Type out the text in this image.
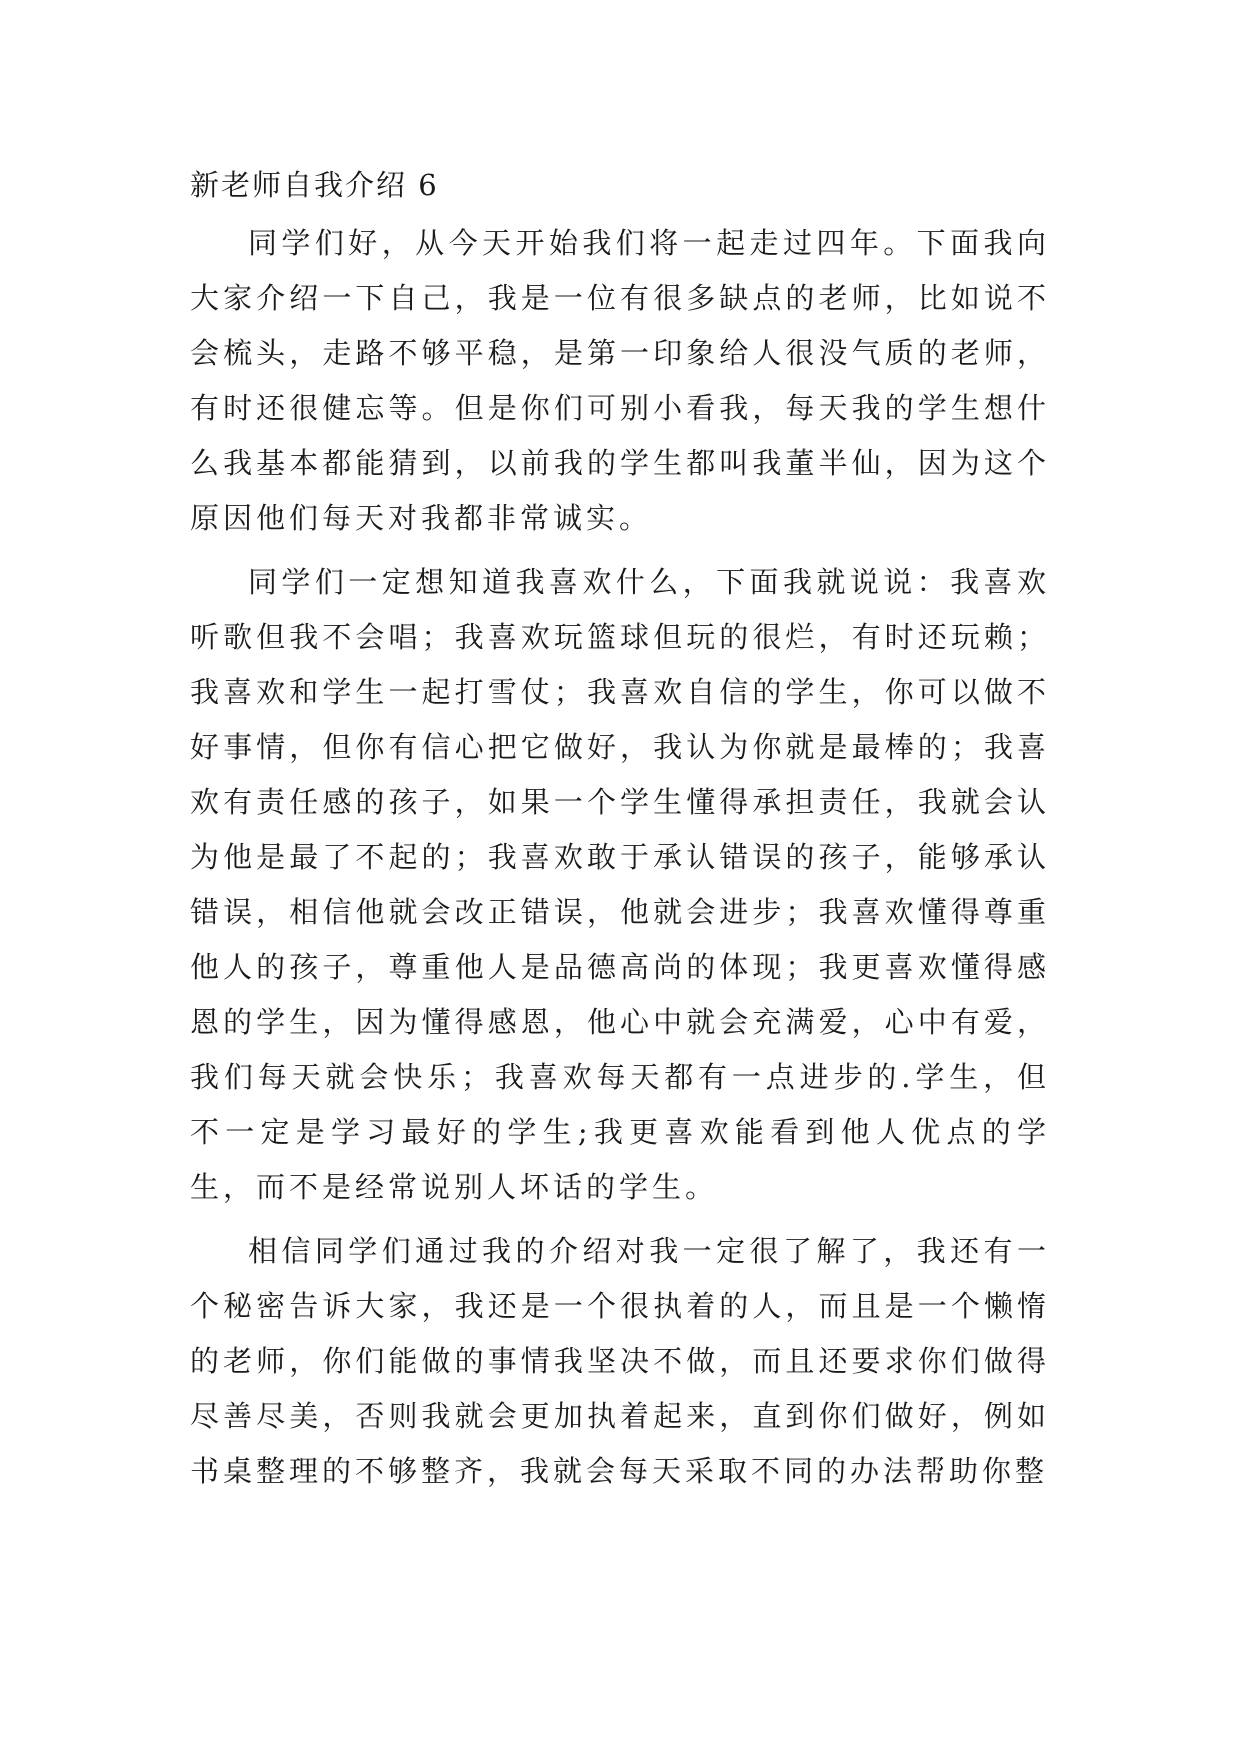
新老师自我介绍 6

同学们好，从今天开始我们将一起走过四年。下面我向大家介绍一下自己，我是一位有很多缺点的老师，比如说不会梳头，走路不够平稳，是第一印象给人很没气质的老师，有时还很健忘等。但是你们可别小看我，每天我的学生想什么我基本都能猜到，以前我的学生都叫我董半仙，因为这个原因他们每天对我都非常诚实。

同学们一定想知道我喜欢什么，下面我就说说：我喜欢听歌但我不会唱；我喜欢玩篮球但玩的很烂，有时还玩赖；我喜欢和学生一起打雪仗；我喜欢自信的学生，你可以做不好事情，但你有信心把它做好，我认为你就是最棒的；我喜欢有责任感的孩子，如果一个学生懂得承担责任，我就会认为他是最了不起的；我喜欢敢于承认错误的孩子，能够承认错误，相信他就会改正错误，他就会进步；我喜欢懂得尊重他人的孩子，尊重他人是品德高尚的体现；我更喜欢懂得感恩的学生，因为懂得感恩，他心中就会充满爱，心中有爱，我们每天就会快乐；我喜欢每天都有一点进步的.学生，但不一定是学习最好的学生;我更喜欢能看到他人优点的学生，而不是经常说别人坏话的学生。

相信同学们通过我的介绍对我一定很了解了，我还有一个秘密告诉大家，我还是一个很执着的人，而且是一个懒惰的老师，你们能做的事情我坚决不做，而且还要求你们做得尽善尽美，否则我就会更加执着起来，直到你们做好，例如书桌整理的不够整齐，我就会每天采取不同的办法帮助你整
